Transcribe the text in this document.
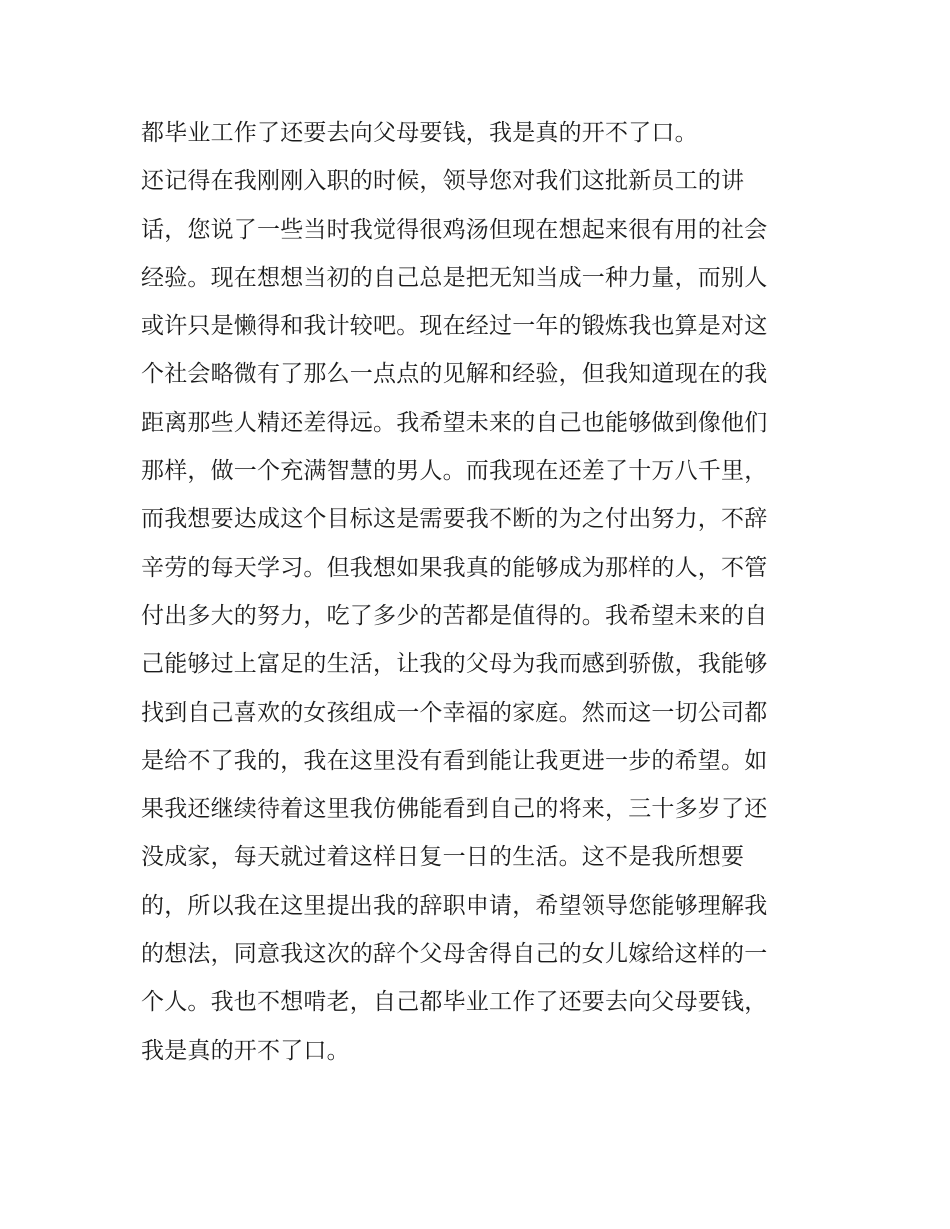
都毕业工作了还要去向父母要钱，我是真的开不了口。
还记得在我刚刚入职的时候，领导您对我们这批新员工的讲
话，您说了一些当时我觉得很鸡汤但现在想起来很有用的社会
经验。现在想想当初的自己总是把无知当成一种力量，而别人
或许只是懒得和我计较吧。现在经过一年的锻炼我也算是对这
个社会略微有了那么一点点的见解和经验，但我知道现在的我
距离那些人精还差得远。我希望未来的自己也能够做到像他们
那样，做一个充满智慧的男人。而我现在还差了十万八千里，
而我想要达成这个目标这是需要我不断的为之付出努力，不辞
辛劳的每天学习。但我想如果我真的能够成为那样的人，不管
付出多大的努力，吃了多少的苦都是值得的。我希望未来的自
己能够过上富足的生活，让我的父母为我而感到骄傲，我能够
找到自己喜欢的女孩组成一个幸福的家庭。然而这一切公司都
是给不了我的，我在这里没有看到能让我更进一步的希望。如
果我还继续待着这里我仿佛能看到自己的将来，三十多岁了还
没成家，每天就过着这样日复一日的生活。这不是我所想要
的，所以我在这里提出我的辞职申请，希望领导您能够理解我
的想法，同意我这次的辞个父母舍得自己的女儿嫁给这样的一
个人。我也不想啃老，自己都毕业工作了还要去向父母要钱，
我是真的开不了口。
